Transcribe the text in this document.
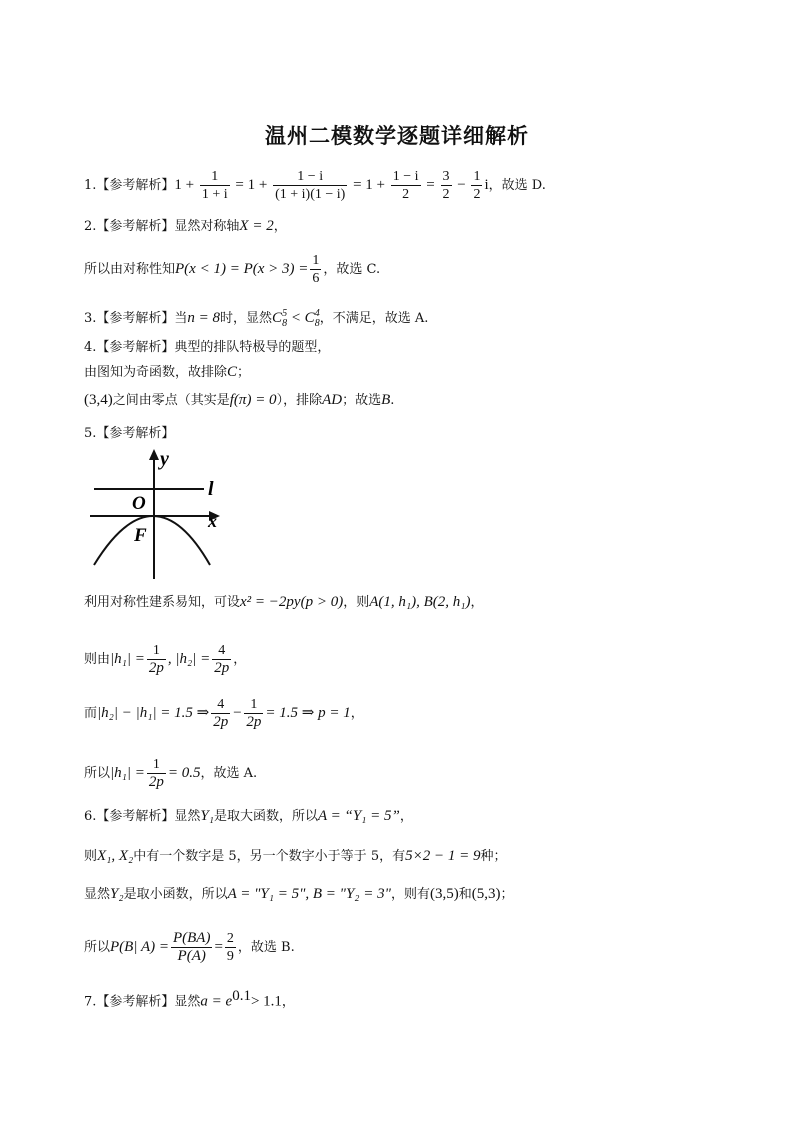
温州二模数学逐题详细解析
1.【参考解析】$1 + \frac{1}{1 + i} = 1 + \frac{1 - i}{(1 + i)(1 - i)} = 1 + \frac{1 - i}{2} = \frac{3}{2} - \frac{1}{2}$ i，故选 D.
2.【参考解析】显然对称轴X = 2，
所以由对称性知$P(x < 1) = P(x > 3) = \frac{1}{6}$ ，故选 C.
3.【参考解析】当n = 8时，显然$C_8^5 < C_8^4$，不满足，故选 A.
4.【参考解析】典型的排队特极导的题型，
由图知为奇函数，故排除C；
(3,4)之间由零点（其实是f(π) = 0），排除AD；故选B.
5.【参考解析】
y
x
O
l
F
利用对称性建系易知，可设x² = −2py(p > 0)，则A(1, h₁), B(2, h₁)，
则由$|h_1| = \frac{1}{2p}$ , $|h_2| = \frac{4}{2p}$ ，
而|h₂| − |h₁| = 1.5 ⇒ $\frac{4}{2p} - \frac{1}{2p} = 1.5$ ⇒ p = 1，
所以$|h_1| = \frac{1}{2p} = 0.5$，故选 A.
6.【参考解析】显然Y₁是取大函数，所以A = “Y₁ = 5”，
则X₁, X₂中有一个数字是 5，另一个数字小于等于 5，有5×2 − 1 = 9种；
显然Y₂是取小函数，所以A = "Y₁ = 5", B = "Y₂ = 3"，则有(3,5)和(5,3)；
所以P(B| $A) = \frac{P(BA)}{P(A)} = \frac{2}{9}$ ，故选 B.
7.【参考解析】显然$a = e^{0.1}> 1.1$，
